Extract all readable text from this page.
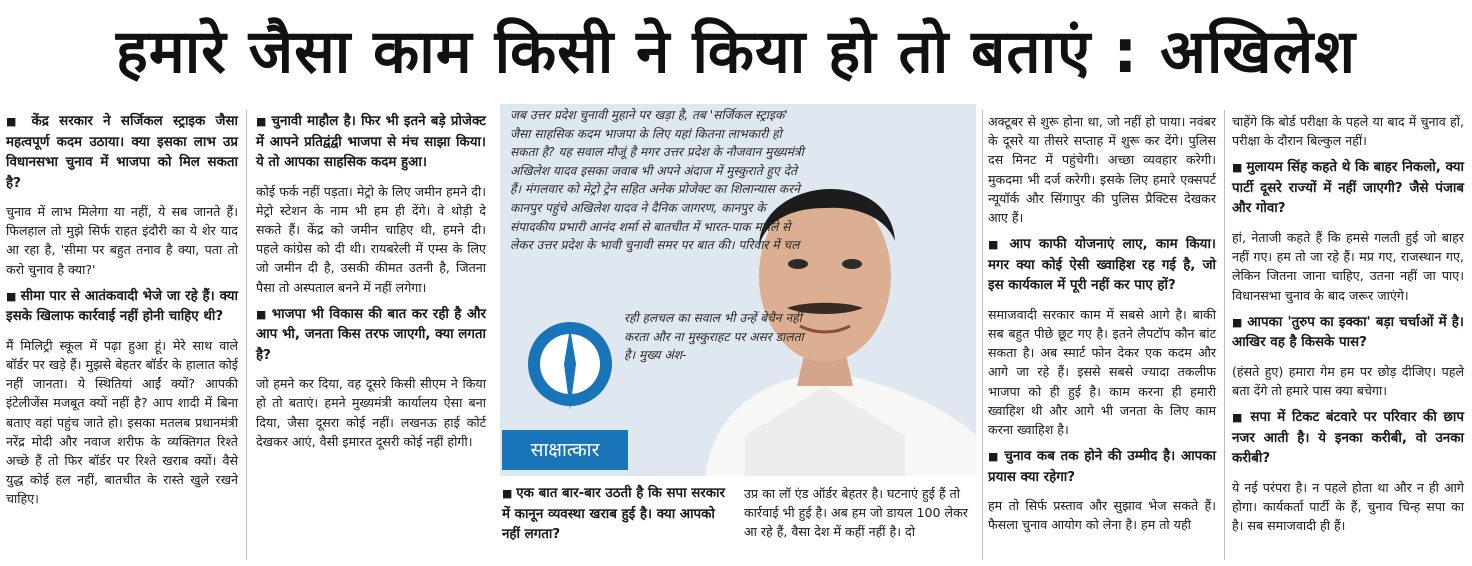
हमारे जैसा काम किसी ने किया हो तो बताएं : अखिलेश

■ केंद्र सरकार ने सर्जिकल स्ट्राइक जैसा महत्वपूर्ण कदम उठाया। क्या इसका लाभ उप्र विधानसभा चुनाव में भाजपा को मिल सकता है?

चुनाव में लाभ मिलेगा या नहीं, ये सब जानते हैं। फिलहाल तो मुझे सिर्फ राहत इंदौरी का ये शेर याद आ रहा है, 'सीमा पर बहुत तनाव है क्या, पता तो करो चुनाव है क्या?'

■ सीमा पार से आतंकवादी भेजे जा रहे हैं। क्या इसके खिलाफ कार्रवाई नहीं होनी चाहिए थी?

मैं मिलिट्री स्कूल में पढ़ा हुआ हूं। मेरे साथ वाले बॉर्डर पर खड़े हैं। मुझसे बेहतर बॉर्डर के हालात कोई नहीं जानता। ये स्थितियां आईं क्यों? आपकी इंटेलीजेंस मजबूत क्यों नहीं है? आप शादी में बिना बताए वहां पहुंच जाते हो। इसका मतलब प्रधानमंत्री नरेंद्र मोदी और नवाज शरीफ के व्यक्तिगत रिश्ते अच्छे हैं तो फिर बॉर्डर पर रिश्ते खराब क्यों। वैसे युद्ध कोई हल नहीं, बातचीत के रास्ते खुले रखने चाहिए।

■ चुनावी माहौल है। फिर भी इतने बड़े प्रोजेक्ट में आपने प्रतिद्वंद्वी भाजपा से मंच साझा किया। ये तो आपका साहसिक कदम हुआ।

कोई फर्क नहीं पड़ता। मेट्रो के लिए जमीन हमने दी। मेट्रो स्टेशन के नाम भी हम ही देंगे। वे थोड़ी दे सकते हैं। केंद्र को जमीन चाहिए थी, हमने दी। पहले कांग्रेस को दी थी। रायबरेली में एम्स के लिए जो जमीन दी है, उसकी कीमत उतनी है, जितना पैसा तो अस्पताल बनने में नहीं लगेगा।

■ भाजपा भी विकास की बात कर रही है और आप भी, जनता किस तरफ जाएगी, क्या लगता है?

जो हमने कर दिया, वह दूसरे किसी सीएम ने किया हो तो बताएं। हमने मुख्यमंत्री कार्यालय ऐसा बना दिया, जैसा दूसरा कोई नहीं। लखनऊ हाई कोर्ट देखकर आएं, वैसी इमारत दूसरी कोई नहीं होगी।

जब उत्तर प्रदेश चुनावी मुहाने पर खड़ा है, तब 'सर्जिकल स्ट्राइक' जैसा साहसिक कदम भाजपा के लिए यहां कितना लाभकारी हो सकता है? यह सवाल मौजूं है मगर उत्तर प्रदेश के नौजवान मुख्यमंत्री अखिलेश यादव इसका जवाब भी अपने अंदाज में मुस्कुराते हुए देते हैं। मंगलवार को मेट्रो ट्रेन सहित अनेक प्रोजेक्ट का शिलान्यास करने कानपुर पहुंचे अखिलेश यादव ने दैनिक जागरण, कानपुर के संपादकीय प्रभारी आनंद शर्मा से बातचीत में भारत-पाक मसले से लेकर उत्तर प्रदेश के भावी चुनावी समर पर बात की। परिवार में चल
रही हलचल का सवाल भी उन्हें बेचैन नहीं करता और ना मुस्कुराहट पर असर डालता है। मुख्य अंश-
साक्षात्कार

■ एक बात बार-बार उठती है कि सपा सरकार में कानून व्यवस्था खराब हुई है। क्या आपको नहीं लगता?

उप्र का लॉ एंड ऑर्डर बेहतर है। घटनाएं हुई हैं तो कार्रवाई भी हुई है। अब हम जो डायल 100 लेकर आ रहे हैं, वैसा देश में कहीं नहीं है। दो

अक्टूबर से शुरू होना था, जो नहीं हो पाया। नवंबर के दूसरे या तीसरे सप्ताह में शुरू कर देंगे। पुलिस दस मिनट में पहुंचेगी। अच्छा व्यवहार करेगी। मुकदमा भी दर्ज करेगी। इसके लिए हमारे एक्सपर्ट न्यूयॉर्क और सिंगापुर की पुलिस प्रैक्टिस देखकर आए हैं।

■ आप काफी योजनाएं लाए, काम किया। मगर क्या कोई ऐसी ख्वाहिश रह गई है, जो इस कार्यकाल में पूरी नहीं कर पाए हों?

समाजवादी सरकार काम में सबसे आगे है। बाकी सब बहुत पीछे छूट गए है। इतने लैपटॉप कौन बांट सकता है। अब स्मार्ट फोन देकर एक कदम और आगे जा रहे हैं। इससे सबसे ज्यादा तकलीफ भाजपा को ही हुई है। काम करना ही हमारी ख्वाहिश थी और आगे भी जनता के लिए काम करना ख्वाहिश है।

■ चुनाव कब तक होने की उम्मीद है। आपका प्रयास क्या रहेगा?

हम तो सिर्फ प्रस्ताव और सुझाव भेज सकते हैं। फैसला चुनाव आयोग को लेना है। हम तो यही

चाहेंगे कि बोर्ड परीक्षा के पहले या बाद में चुनाव हों, परीक्षा के दौरान बिल्कुल नहीं।

■ मुलायम सिंह कहते थे कि बाहर निकलो, क्या पार्टी दूसरे राज्यों में नहीं जाएगी? जैसे पंजाब और गोवा?

हां, नेताजी कहते हैं कि हमसे गलती हुई जो बाहर नहीं गए। हम तो जा रहे हैं। मप्र गए, राजस्थान गए, लेकिन जितना जाना चाहिए, उतना नहीं जा पाए। विधानसभा चुनाव के बाद जरूर जाएंगे।

■ आपका 'तुरुप का इक्का' बड़ा चर्चाओं में है। आखिर वह है किसके पास?

(हंसते हुए) हमारा गेम हम पर छोड़ दीजिए। पहले बता देंगे तो हमारे पास क्या बचेगा।

■ सपा में टिकट बंटवारे पर परिवार की छाप नजर आती है। ये इनका करीबी, वो उनका करीबी?

ये नई परंपरा है। न पहले होता था और न ही आगे होगा। कार्यकर्ता पार्टी के हैं, चुनाव चिन्ह सपा का है। सब समाजवादी ही हैं।
